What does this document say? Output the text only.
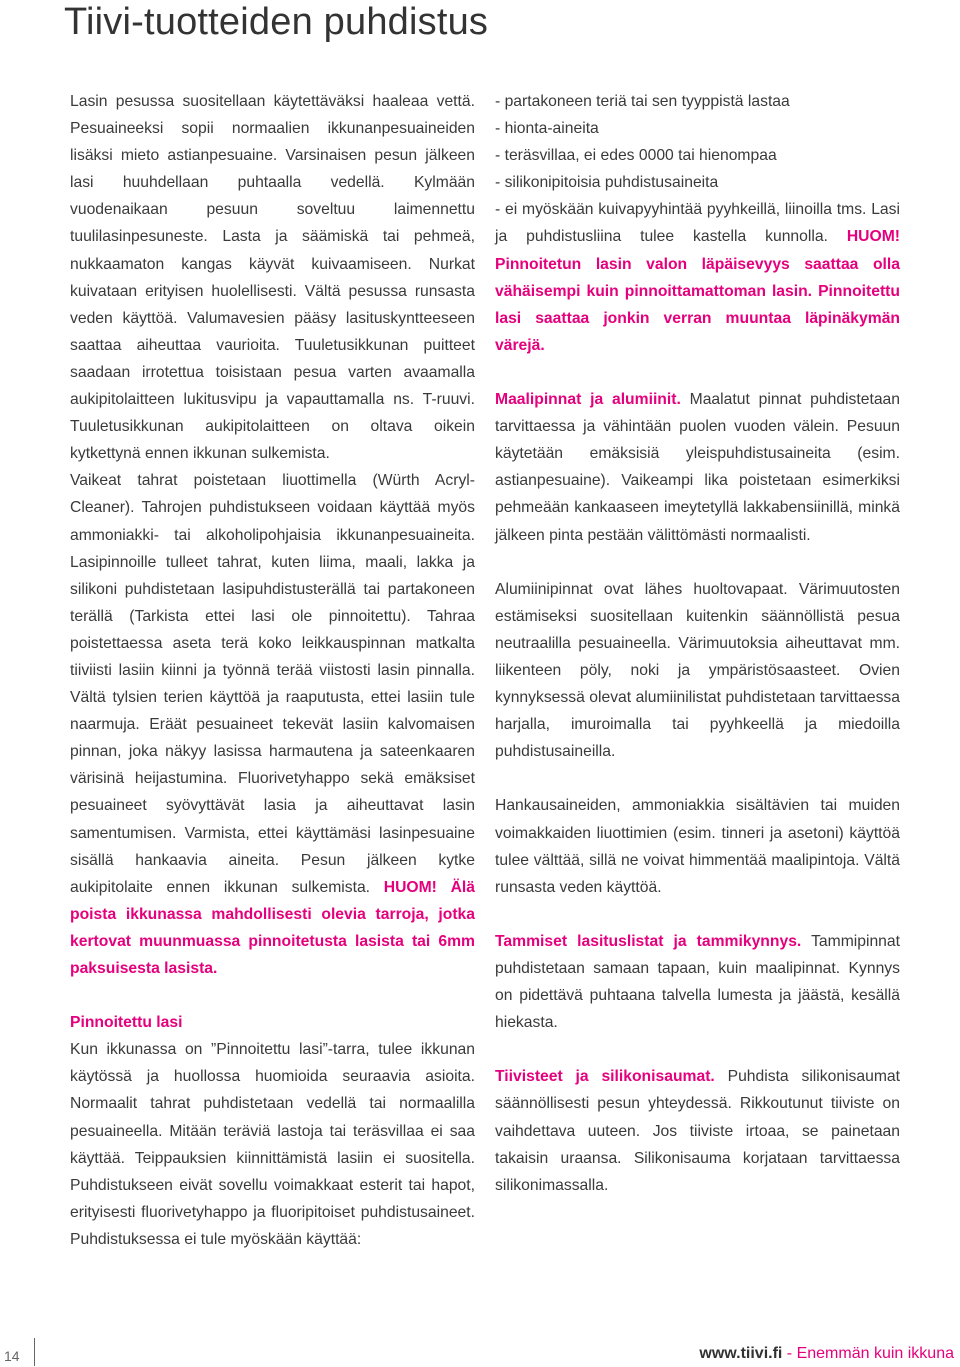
Tiivi-tuotteiden puhdistus

Lasin pesussa suositellaan käytettäväksi haaleaa vettä. Pesuaineeksi sopii normaalien ikkunanpesuaineiden lisäksi mieto astianpesuaine. Varsinaisen pesun jälkeen lasi huuhdellaan puhtaalla vedellä. Kylmään vuodenaikaan pesuun soveltuu laimennettu tuulilasinpesuneste. Lasta ja säämiskä tai pehmeä, nukkaamaton kangas käyvät kuivaamiseen. Nurkat kuivataan erityisen huolellisesti. Vältä pesussa runsasta veden käyttöä. Valumavesien pääsy lasituskyntteeseen saattaa aiheuttaa vaurioita. Tuuletusikkunan puitteet saadaan irrotettua toisistaan pesua varten avaamalla aukipitolaitteen lukitusvipu ja vapauttamalla ns. T-ruuvi. Tuuletusikkunan aukipitolaitteen on oltava oikein kytkettynä ennen ikkunan sulkemista.

Vaikeat tahrat poistetaan liuottimella (Würth Acryl-Cleaner). Tahrojen puhdistukseen voidaan käyttää myös ammoniakki- tai alkoholipohjaisia ikkunanpesuaineita. Lasipinnoille tulleet tahrat, kuten liima, maali, lakka ja silikoni puhdistetaan lasipuhdistusterällä tai partakoneen terällä (Tarkista ettei lasi ole pinnoitettu). Tahraa poistettaessa aseta terä koko leikkauspinnan matkalta tiiviisti lasiin kiinni ja työnnä terää viistosti lasin pinnalla. Vältä tylsien terien käyttöä ja raaputusta, ettei lasiin tule naarmuja. Eräät pesuaineet tekevät lasiin kalvomaisen pinnan, joka näkyy lasissa harmautena ja sateenkaaren värisinä heijastumina. Fluorivetyhappo sekä emäksiset pesuaineet syövyttävät lasia ja aiheuttavat lasin samentumisen. Varmista, ettei käyttämäsi lasinpesuaine sisällä hankaavia aineita. Pesun jälkeen kytke aukipitolaite ennen ikkunan sulkemista. HUOM! Älä poista ikkunassa mahdollisesti olevia tarroja, jotka kertovat muunmuassa pinnoitetusta lasista tai 6mm paksuisesta lasista.

Pinnoitettu lasi
Kun ikkunassa on ”Pinnoitettu lasi”-tarra, tulee ikkunan käytössä ja huollossa huomioida seuraavia asioita. Normaalit tahrat puhdistetaan vedellä tai normaalilla pesuaineella. Mitään teräviä lastoja tai teräsvillaa ei saa käyttää. Teippauksien kiinnittämistä lasiin ei suositella. Puhdistukseen eivät sovellu voimakkaat esterit tai hapot, erityisesti fluorivetyhappo ja fluoripitoiset puhdistusaineet. Puhdistuksessa ei tule myöskään käyttää:

- partakoneen teriä tai sen tyyppistä lastaa
- hionta-aineita
- teräsvillaa, ei edes 0000 tai hienompaa
- silikonipitoisia puhdistusaineita
- ei myöskään kuivapyyhintää pyyhkeillä, liinoilla tms. Lasi ja puhdistusliina tulee kastella kunnolla. HUOM! Pinnoitetun lasin valon läpäisevyys saattaa olla vähäisempi kuin pinnoittamattoman lasin. Pinnoitettu lasi saattaa jonkin verran muuntaa läpinäkymän värejä.

Maalipinnat ja alumiinit. Maalatut pinnat puhdistetaan tarvittaessa ja vähintään puolen vuoden välein. Pesuun käytetään emäksisiä yleispuhdistusaineita (esim. astianpesuaine). Vaikeampi lika poistetaan esimerkiksi pehmeään kankaaseen imeytetyllä lakkabensiinillä, minkä jälkeen pinta pestään välittömästi normaalisti.

Alumiinipinnat ovat lähes huoltovapaat. Värimuutosten estämiseksi suositellaan kuitenkin säännöllistä pesua neutraalilla pesuaineella. Värimuutoksia aiheuttavat mm. liikenteen pöly, noki ja ympäristösaasteet. Ovien kynnyksessä olevat alumiinilistat puhdistetaan tarvittaessa harjalla, imuroimalla tai pyyhkeellä ja miedoilla puhdistusaineilla.

Hankausaineiden, ammoniakkia sisältävien tai muiden voimakkaiden liuottimien (esim. tinneri ja asetoni) käyttöä tulee välttää, sillä ne voivat himmentää maalipintoja. Vältä runsasta veden käyttöä.

Tammiset lasituslistat ja tammikynnys. Tammipinnat puhdistetaan samaan tapaan, kuin maalipinnat. Kynnys on pidettävä puhtaana talvella lumesta ja jäästä, kesällä hiekasta.

Tiivisteet ja silikonisaumat. Puhdista silikonisaumat säännöllisesti pesun yhteydessä. Rikkoutunut tiiviste on vaihdettava uuteen. Jos tiiviste irtoaa, se painetaan takaisin uraansa. Silikonisauma korjataan tarvittaessa silikonimassalla.

14	www.tiivi.fi - Enemmän kuin ikkuna
